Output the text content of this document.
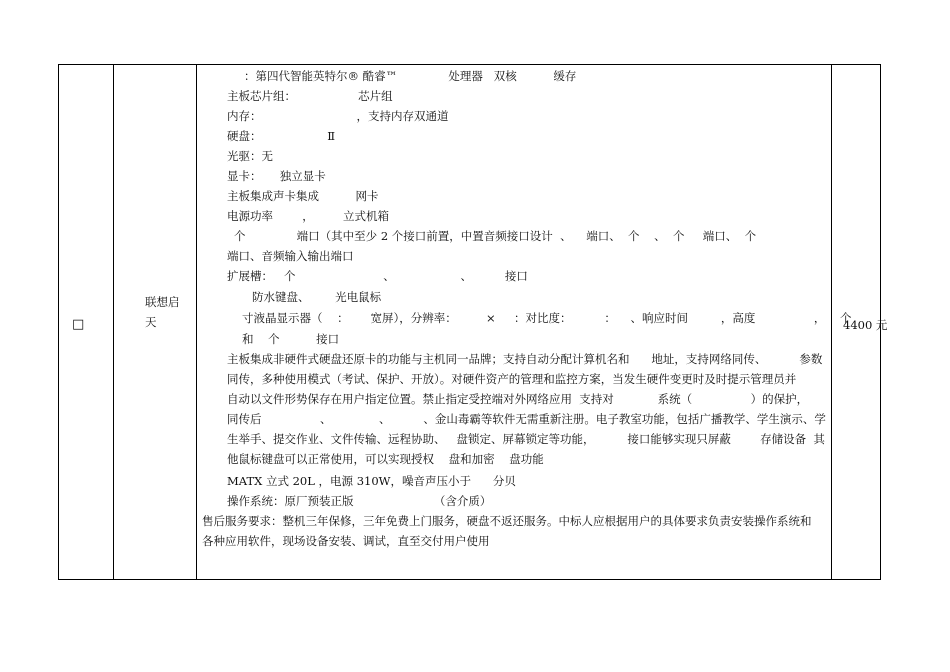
□
联想启
天	4400 元
：第四代智能英特尔® 酷睿™              处理器   双核          缓存
主板芯片组：                 芯片组
内存：                          ，支持内存双通道
硬盘：                  Ⅱ
光驱：无
显卡：     独立显卡
主板集成声卡集成          网卡
电源功率        ，        立式机箱
个              端口（其中至少 2 个接口前置，中置音频接口设计  、    端口、  个    、  个     端口、  个
端口、音频输入输出端口
扩展槽：   个                        、                  、         接口
防水键盘、       光电鼠标
寸液晶显示器（    ：      宽屏），分辨率：        ×     ：对比度：         ：    、响应时间         ，高度                ，    个
和    个          接口
主板集成非硬件式硬盘还原卡的功能与主机同一品牌；支持自动分配计算机名和      地址，支持网络同传、         参数
同传，多种使用模式（考试、保护、开放）。对硬件资产的管理和监控方案，当发生硬件变更时及时提示管理员并
自动以文件形势保存在用户指定位置。禁止指定受控端对外网络应用  支持对            系统（                ）的保护，
同传后                、             、         、金山毒霸等软件无需重新注册。电子教室功能，包括广播教学、学生演示、学
生举手、提交作业、文件传输、远程协助、   盘锁定、屏幕锁定等功能，         接口能够实现只屏蔽        存储设备  其
他鼠标键盘可以正常使用，可以实现授权    盘和加密    盘功能
MATX 立式 20L ，电源 310W，噪音声压小于      分贝
操作系统：原厂预装正版                      （含介质）
售后服务要求：整机三年保修，三年免费上门服务，硬盘不返还服务。中标人应根据用户的具体要求负责安装操作系统和
各种应用软件，现场设备安装、调试，直至交付用户使用
